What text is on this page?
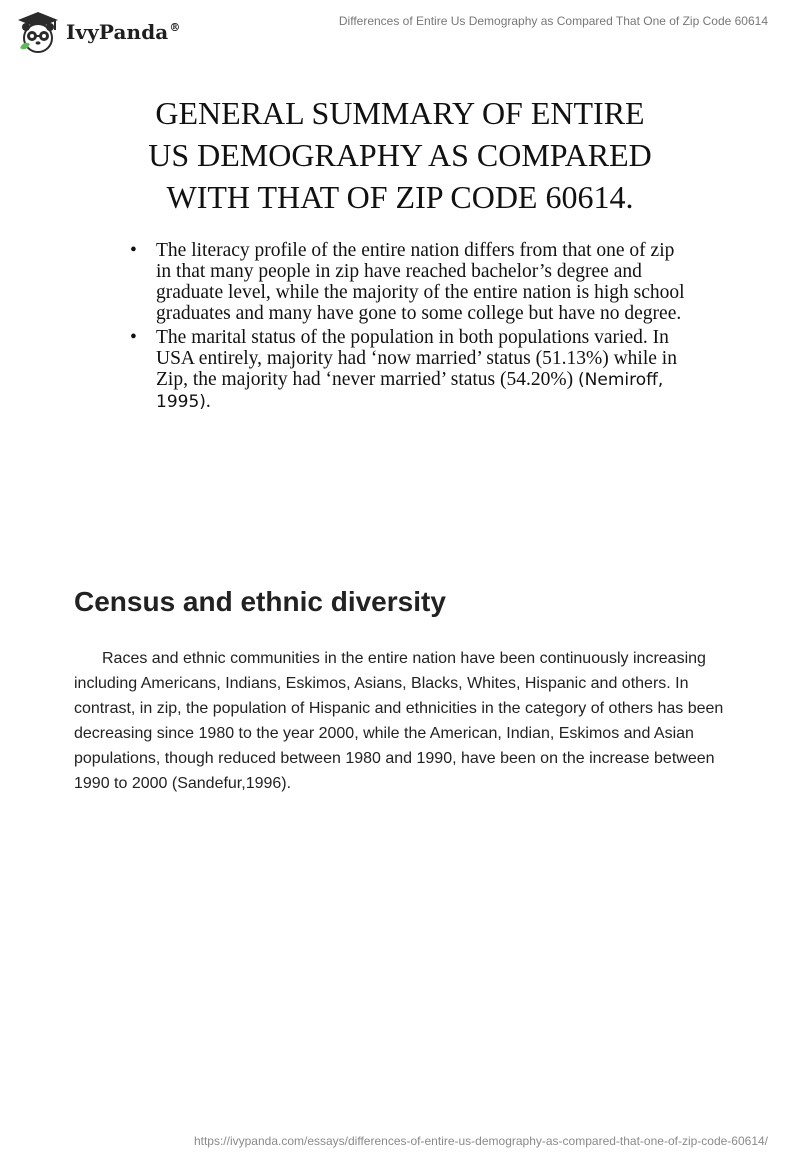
IvyPanda®	Differences of Entire Us Demography as Compared That One of Zip Code 60614
GENERAL SUMMARY OF ENTIRE
US DEMOGRAPHY AS COMPARED
WITH THAT OF ZIP CODE 60614.
• The literacy profile of the entire nation differs from that one of zip in that many people in zip have reached bachelor’s degree and graduate level, while the majority of the entire nation is high school graduates and many have gone to some college but have no degree.
• The marital status of the population in both populations varied. In USA entirely, majority had ‘now married’ status (51.13%) while in Zip, the majority had ‘never married’ status (54.20%) (Nemiroff, 1995).
Census and ethnic diversity

Races and ethnic communities in the entire nation have been continuously increasing including Americans, Indians, Eskimos, Asians, Blacks, Whites, Hispanic and others. In contrast, in zip, the population of Hispanic and ethnicities in the category of others has been decreasing since 1980 to the year 2000, while the American, Indian, Eskimos and Asian populations, though reduced between 1980 and 1990, have been on the increase between 1990 to 2000 (Sandefur,1996).

https://ivypanda.com/essays/differences-of-entire-us-demography-as-compared-that-one-of-zip-code-60614/
